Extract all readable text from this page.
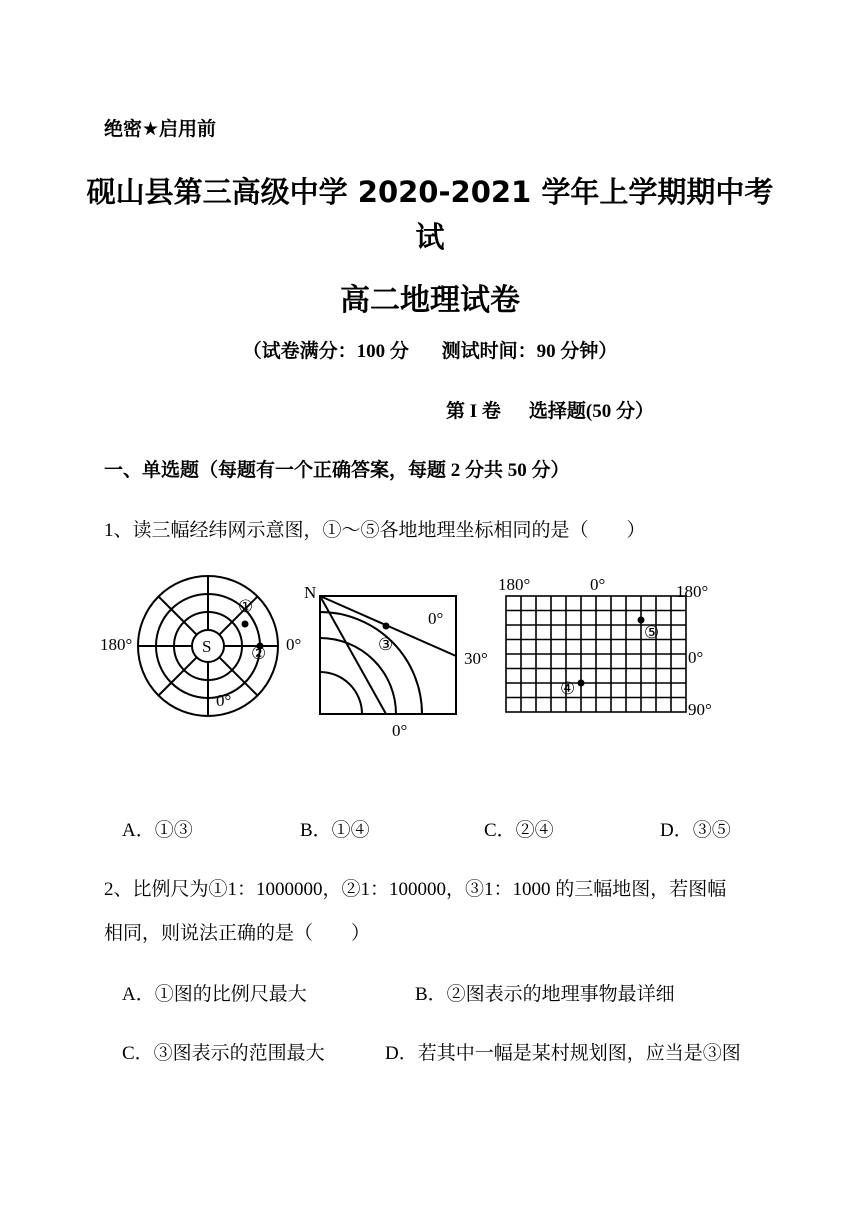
绝密★启用前
砚山县第三高级中学 2020-2021 学年上学期期中考
试
高二地理试卷
（试卷满分：100 分 测试时间：90 分钟）
第 I 卷 选择题(50 分）
一、单选题（每题有一个正确答案，每题 2 分共 50 分）
1、读三幅经纬网示意图，①～⑤各地地理坐标相同的是（　　）
S
①
②
180°	0°
0°
N
0°
③
30°
0°
180°	0°	180°
0°
90°
⑤
④
A．①③	B．①④	C．②④	D．③⑤
2、比例尺为①1：1000000，②1：100000，③1：1000 的三幅地图，若图幅
相同，则说法正确的是（　　）
A．①图的比例尺最大	B．②图表示的地理事物最详细
C．③图表示的范围最大	D．若其中一幅是某村规划图，应当是③图
